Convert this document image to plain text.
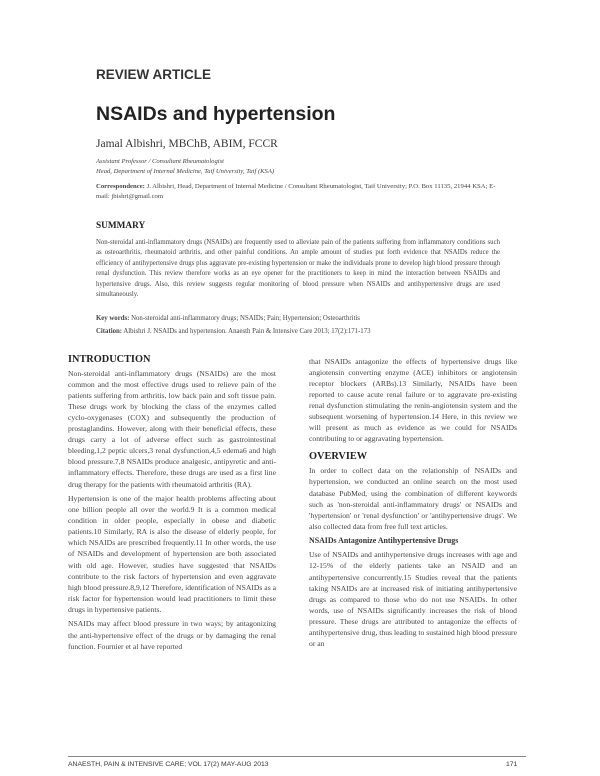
REVIEW ARTICLE
NSAIDs and hypertension
Jamal Albishri, MBChB, ABIM, FCCR
Assistant Professor / Consultant Rheumatologist
Head, Department of Internal Medicine, Taif University, Taif (KSA)
Correspondence: J. Albishri, Head, Department of Internal Medicine / Consultant Rheumatologist, Taif University; P.O. Box 11135, 21944 KSA; E-mail: jbishri@gmail.com
SUMMARY
Non-steroidal anti-inflammatory drugs (NSAIDs) are frequently used to alleviate pain of the patients suffering from inflammatory conditions such as osteoarthritis, rheumatoid arthritis, and other painful conditions. An ample amount of studies put forth evidence that NSAIDs reduce the efficiency of antihypertensive drugs plus aggravate pre-existing hypertension or make the individuals prone to develop high blood pressure through renal dysfunction. This review therefore works as an eye opener for the practitioners to keep in mind the interaction between NSAIDs and hypertensive drugs. Also, this review suggests regular monitoring of blood pressure when NSAIDs and antihypertensive drugs are used simultaneously.
Key words: Non-steroidal anti-inflammatory drugs; NSAIDs; Pain; Hypertension; Osteoarthritis
Citation: Albishri J. NSAIDs and hypertension. Anaesth Pain & Intensive Care 2013; 17(2):171-173
INTRODUCTION

Non-steroidal anti-inflammatory drugs (NSAIDs) are the most common and the most effective drugs used to relieve pain of the patients suffering from arthritis, low back pain and soft tissue pain. These drugs work by blocking the class of the enzymes called cyclo-oxygenases (COX) and subsequently the production of prostaglandins. However, along with their beneficial effects, these drugs carry a lot of adverse effect such as gastrointestinal bleeding,1,2 peptic ulcers,3 renal dysfunction,4,5 edema6 and high blood pressure.7,8 NSAIDs produce analgesic, antipyretic and anti-inflammatory effects. Therefore, these drugs are used as a first line drug therapy for the patients with rheumatoid arthritis (RA).

Hypertension is one of the major health problems affecting about one billion people all over the world.9 It is a common medical condition in older people, especially in obese and diabetic patients.10 Similarly, RA is also the disease of elderly people, for which NSAIDs are prescribed frequently.11 In other words, the use of NSAIDs and development of hypertension are both associated with old age. However, studies have suggested that NSAIDs contribute to the risk factors of hypertension and even aggravate high blood pressure.8,9,12 Therefore, identification of NSAIDs as a risk factor for hypertension would lead practitioners to limit these drugs in hypertensive patients.

NSAIDs may affect blood pressure in two ways; by antagonizing the anti-hypertensive effect of the drugs or by damaging the renal function. Fournier et al have reported

that NSAIDs antagonize the effects of hypertensive drugs like angiotensin converting enzyme (ACE) inhibitors or angiotensin receptor blockers (ARBs).13 Similarly, NSAIDs have been reported to cause acute renal failure or to aggravate pre-existing renal dysfunction stimulating the renin-angiotensin system and the subsequent worsening of hypertension.14 Here, in this review we will present as much as evidence as we could for NSAIDs contributing to or aggravating hypertension.

OVERVIEW

In order to collect data on the relationship of NSAIDs and hypertension, we conducted an online search on the most used database PubMed, using the combination of different keywords such as 'non-steroidal anti-inflammatory drugs' or NSAIDs and 'hypertension' or 'renal dysfunction' or 'antihypertensive drugs'. We also collected data from free full text articles.

NSAIDs Antagonize Antihypertensive Drugs

Use of NSAIDs and antihypertensive drugs increases with age and 12-15% of the elderly patients take an NSAID and an antihypertensive concurrently.15 Studies reveal that the patients taking NSAIDs are at increased risk of initiating antihypertensive drugs as compared to those who do not use NSAIDs. In other words, use of NSAIDs significantly increases the risk of blood pressure. These drugs are attributed to antagonize the effects of antihypertensive drug, thus leading to sustained high blood pressure or an

ANAESTH, PAIN & INTENSIVE CARE; VOL 17(2) MAY-AUG 2013	171
